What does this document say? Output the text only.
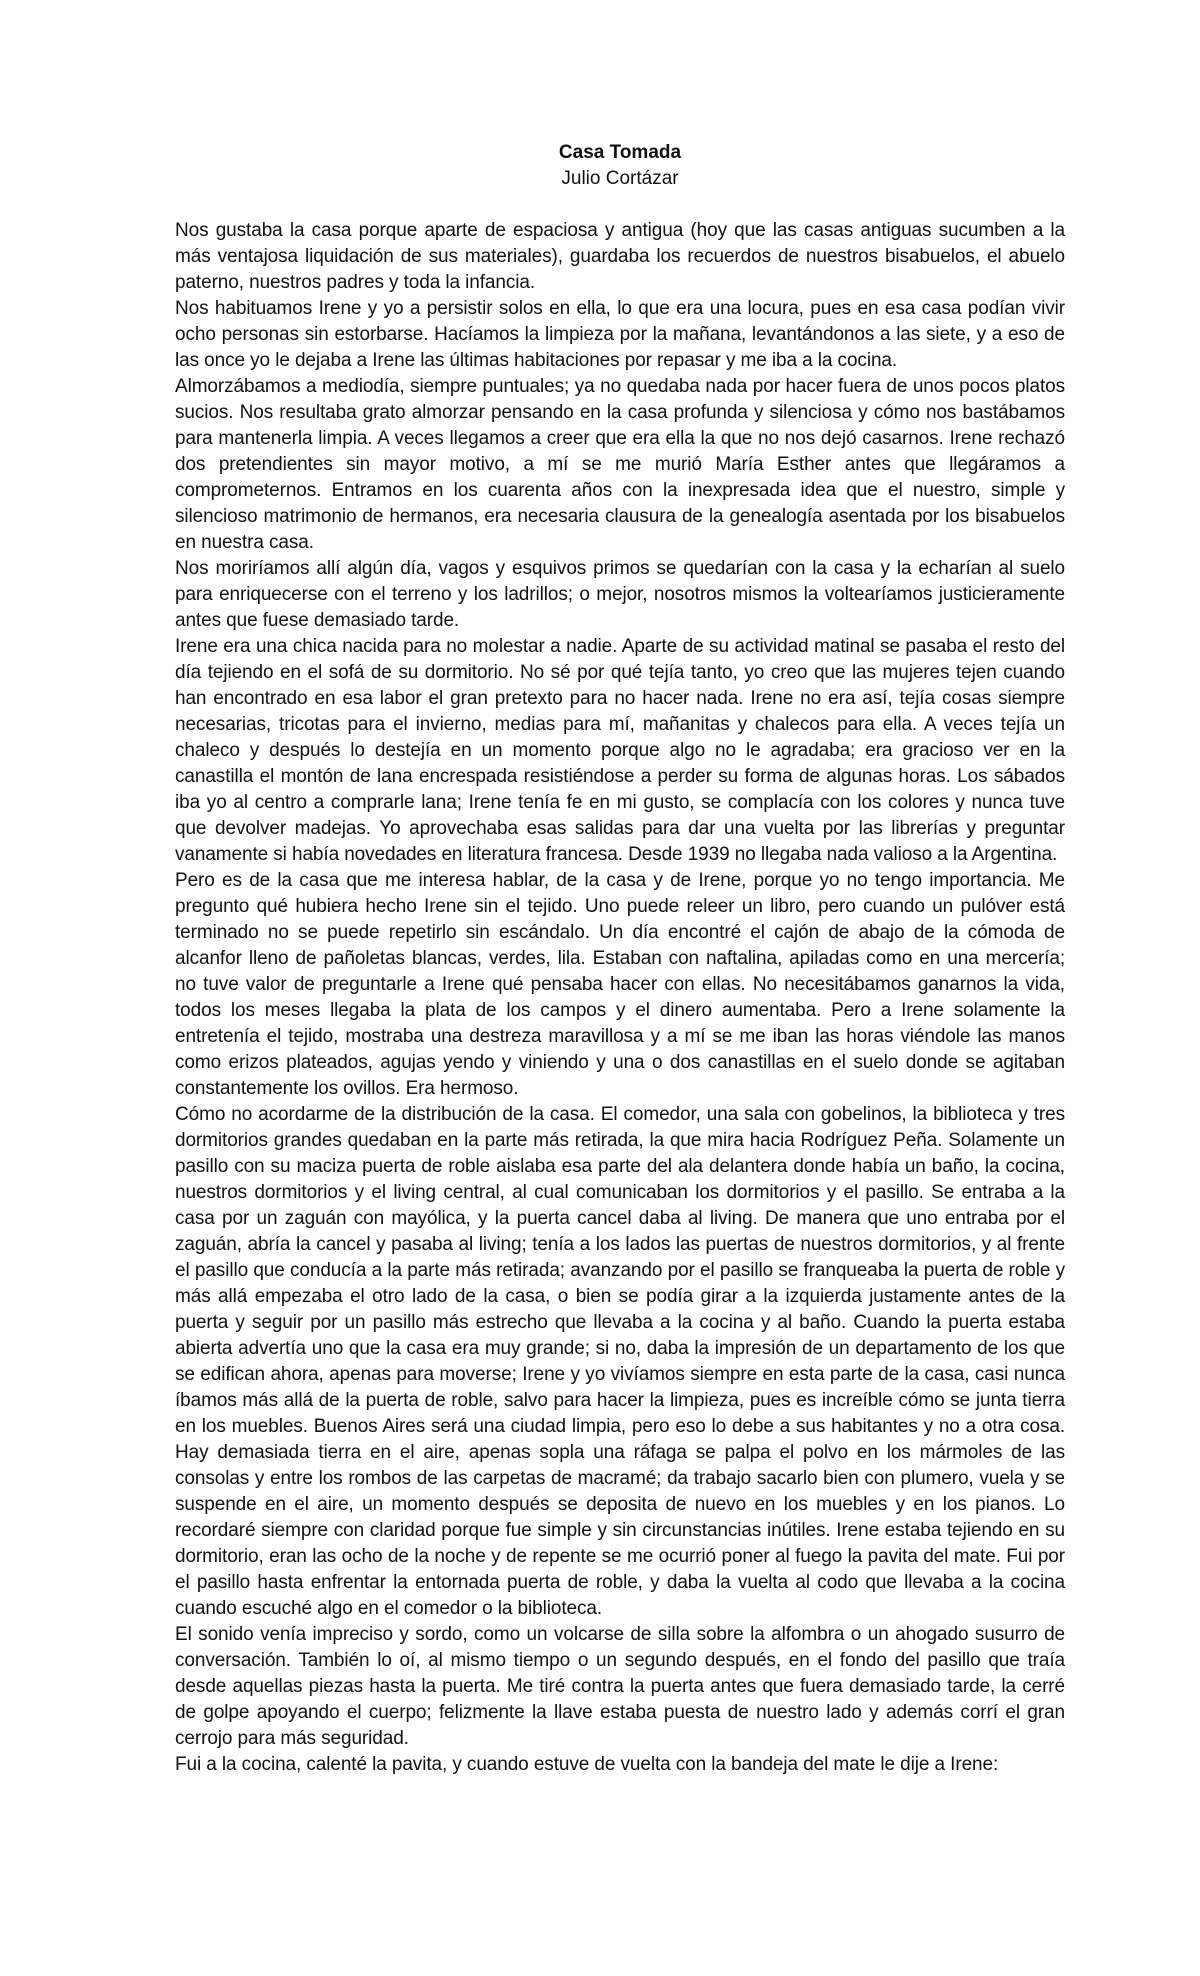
Casa Tomada
Julio Cortázar

Nos gustaba la casa porque aparte de espaciosa y antigua (hoy que las casas antiguas sucumben a la más ventajosa liquidación de sus materiales), guardaba los recuerdos de nuestros bisabuelos, el abuelo paterno, nuestros padres y toda la infancia.

Nos habituamos Irene y yo a persistir solos en ella, lo que era una locura, pues en esa casa podían vivir ocho personas sin estorbarse. Hacíamos la limpieza por la mañana, levantándonos a las siete, y a eso de las once yo le dejaba a Irene las últimas habitaciones por repasar y me iba a la cocina.

Almorzábamos a mediodía, siempre puntuales; ya no quedaba nada por hacer fuera de unos pocos platos sucios. Nos resultaba grato almorzar pensando en la casa profunda y silenciosa y cómo nos bastábamos para mantenerla limpia. A veces llegamos a creer que era ella la que no nos dejó casarnos. Irene rechazó dos pretendientes sin mayor motivo, a mí se me murió María Esther antes que llegáramos a comprometernos. Entramos en los cuarenta años con la inexpresada idea que el nuestro, simple y silencioso matrimonio de hermanos, era necesaria clausura de la genealogía asentada por los bisabuelos en nuestra casa.

Nos moriríamos allí algún día, vagos y esquivos primos se quedarían con la casa y la echarían al suelo para enriquecerse con el terreno y los ladrillos; o mejor, nosotros mismos la voltearíamos justicieramente antes que fuese demasiado tarde.

Irene era una chica nacida para no molestar a nadie. Aparte de su actividad matinal se pasaba el resto del día tejiendo en el sofá de su dormitorio. No sé por qué tejía tanto, yo creo que las mujeres tejen cuando han encontrado en esa labor el gran pretexto para no hacer nada. Irene no era así, tejía cosas siempre necesarias, tricotas para el invierno, medias para mí, mañanitas y chalecos para ella. A veces tejía un chaleco y después lo destejía en un momento porque algo no le agradaba; era gracioso ver en la canastilla el montón de lana encrespada resistiéndose a perder su forma de algunas horas. Los sábados iba yo al centro a comprarle lana; Irene tenía fe en mi gusto, se complacía con los colores y nunca tuve que devolver madejas. Yo aprovechaba esas salidas para dar una vuelta por las librerías y preguntar vanamente si había novedades en literatura francesa. Desde 1939 no llegaba nada valioso a la Argentina.

Pero es de la casa que me interesa hablar, de la casa y de Irene, porque yo no tengo importancia. Me pregunto qué hubiera hecho Irene sin el tejido. Uno puede releer un libro, pero cuando un pulóver está terminado no se puede repetirlo sin escándalo. Un día encontré el cajón de abajo de la cómoda de alcanfor lleno de pañoletas blancas, verdes, lila. Estaban con naftalina, apiladas como en una mercería; no tuve valor de preguntarle a Irene qué pensaba hacer con ellas. No necesitábamos ganarnos la vida, todos los meses llegaba la plata de los campos y el dinero aumentaba. Pero a Irene solamente la entretenía el tejido, mostraba una destreza maravillosa y a mí se me iban las horas viéndole las manos como erizos plateados, agujas yendo y viniendo y una o dos canastillas en el suelo donde se agitaban constantemente los ovillos. Era hermoso.

Cómo no acordarme de la distribución de la casa. El comedor, una sala con gobelinos, la biblioteca y tres dormitorios grandes quedaban en la parte más retirada, la que mira hacia Rodríguez Peña. Solamente un pasillo con su maciza puerta de roble aislaba esa parte del ala delantera donde había un baño, la cocina, nuestros dormitorios y el living central, al cual comunicaban los dormitorios y el pasillo. Se entraba a la casa por un zaguán con mayólica, y la puerta cancel daba al living. De manera que uno entraba por el zaguán, abría la cancel y pasaba al living; tenía a los lados las puertas de nuestros dormitorios, y al frente el pasillo que conducía a la parte más retirada; avanzando por el pasillo se franqueaba la puerta de roble y más allá empezaba el otro lado de la casa, o bien se podía girar a la izquierda justamente antes de la puerta y seguir por un pasillo más estrecho que llevaba a la cocina y al baño. Cuando la puerta estaba abierta advertía uno que la casa era muy grande; si no, daba la impresión de un departamento de los que se edifican ahora, apenas para moverse; Irene y yo vivíamos siempre en esta parte de la casa, casi nunca íbamos más allá de la puerta de roble, salvo para hacer la limpieza, pues es increíble cómo se junta tierra en los muebles. Buenos Aires será una ciudad limpia, pero eso lo debe a sus habitantes y no a otra cosa. Hay demasiada tierra en el aire, apenas sopla una ráfaga se palpa el polvo en los mármoles de las consolas y entre los rombos de las carpetas de macramé; da trabajo sacarlo bien con plumero, vuela y se suspende en el aire, un momento después se deposita de nuevo en los muebles y en los pianos. Lo recordaré siempre con claridad porque fue simple y sin circunstancias inútiles. Irene estaba tejiendo en su dormitorio, eran las ocho de la noche y de repente se me ocurrió poner al fuego la pavita del mate. Fui por el pasillo hasta enfrentar la entornada puerta de roble, y daba la vuelta al codo que llevaba a la cocina cuando escuché algo en el comedor o la biblioteca.

El sonido venía impreciso y sordo, como un volcarse de silla sobre la alfombra o un ahogado susurro de conversación. También lo oí, al mismo tiempo o un segundo después, en el fondo del pasillo que traía desde aquellas piezas hasta la puerta. Me tiré contra la puerta antes que fuera demasiado tarde, la cerré de golpe apoyando el cuerpo; felizmente la llave estaba puesta de nuestro lado y además corrí el gran cerrojo para más seguridad.

Fui a la cocina, calenté la pavita, y cuando estuve de vuelta con la bandeja del mate le dije a Irene:
